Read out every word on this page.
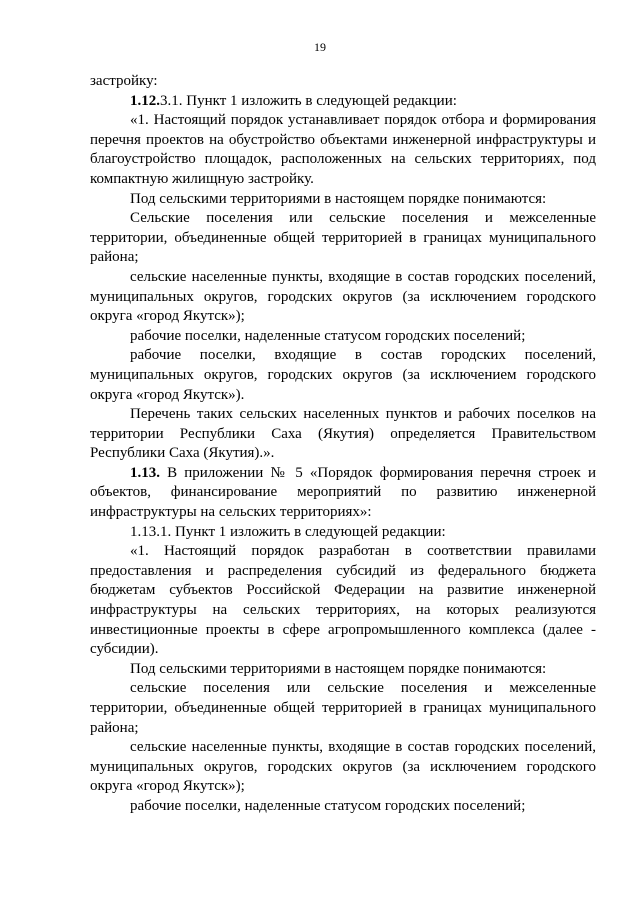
19

застройку:

1.12.3.1. Пункт 1 изложить в следующей редакции:

«1. Настоящий порядок устанавливает порядок отбора и формирования перечня проектов на обустройство объектами инженерной инфраструктуры и благоустройство площадок, расположенных на сельских территориях, под компактную жилищную застройку.

Под сельскими территориями в настоящем порядке понимаются:

Сельские поселения или сельские поселения и межселенные территории, объединенные общей территорией в границах муниципального района;

сельские населенные пункты, входящие в состав городских поселений, муниципальных округов, городских округов (за исключением городского округа «город Якутск»);

рабочие поселки, наделенные статусом городских поселений;

рабочие поселки, входящие в состав городских поселений, муниципальных округов, городских округов (за исключением городского округа «город Якутск»).

Перечень таких сельских населенных пунктов и рабочих поселков на территории Республики Саха (Якутия) определяется Правительством Республики Саха (Якутия).».

1.13. В приложении № 5 «Порядок формирования перечня строек и объектов, финансирование мероприятий по развитию инженерной инфраструктуры на сельских территориях»:

1.13.1. Пункт 1 изложить в следующей редакции:

«1. Настоящий порядок разработан в соответствии правилами предоставления и распределения субсидий из федерального бюджета бюджетам субъектов Российской Федерации на развитие инженерной инфраструктуры на сельских территориях, на которых реализуются инвестиционные проекты в сфере агропромышленного комплекса (далее - субсидии).

Под сельскими территориями в настоящем порядке понимаются:

сельские поселения или сельские поселения и межселенные территории, объединенные общей территорией в границах муниципального района;

сельские населенные пункты, входящие в состав городских поселений, муниципальных округов, городских округов (за исключением городского округа «город Якутск»);

рабочие поселки, наделенные статусом городских поселений;
